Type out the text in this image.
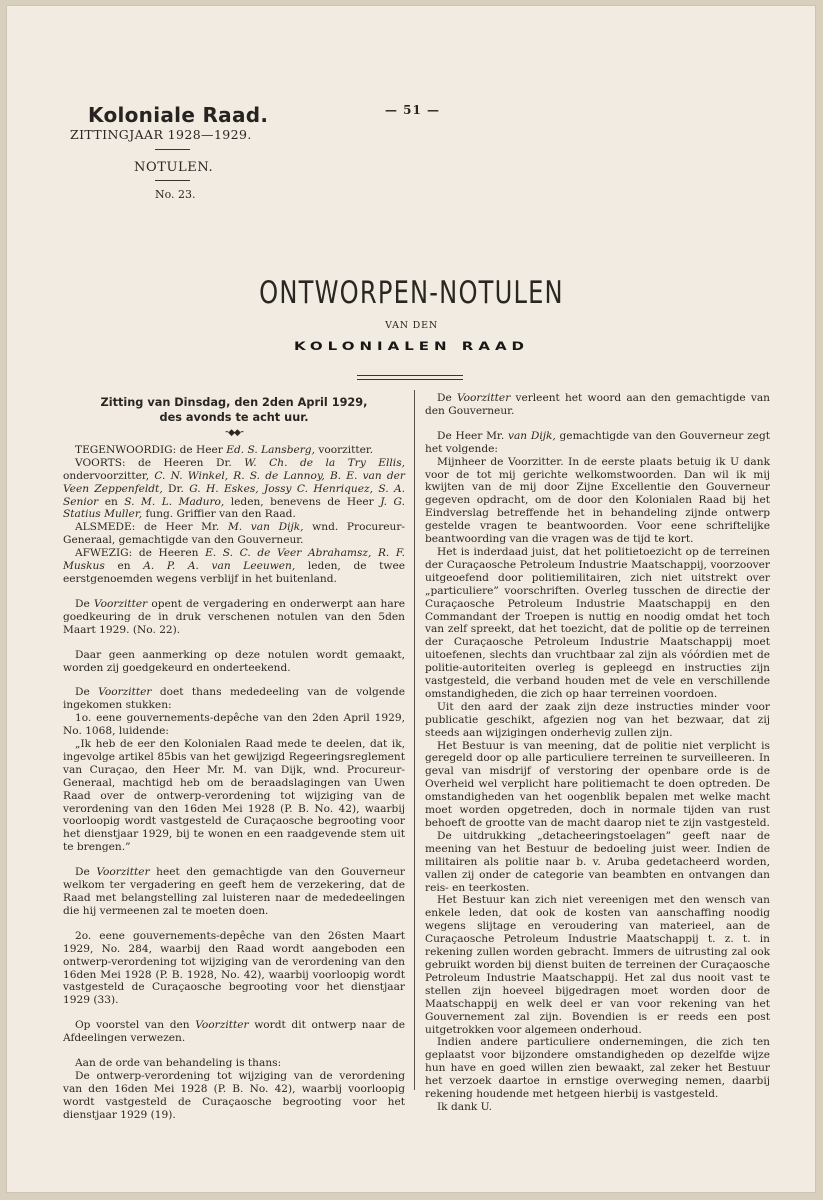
Koloniale Raad.
ZITTINGJAAR 1928—1929.
NOTULEN.
No. 23.
— 51 —
ONTWORPEN-NOTULEN
VAN DEN
KOLONIALEN RAAD
Zitting van Dinsdag, den 2den April 1929,
des avonds te acht uur.
⁃◆◆⁃

TEGENWOORDIG: de Heer Ed. S. Lansberg, voorzitter.

VOORTS: de Heeren Dr. W. Ch. de la Try Ellis, ondervoorzitter, C. N. Winkel, R. S. de Lannoy, B. E. van der Veen Zeppenfeldt, Dr. G. H. Eskes, Jossy C. Henriquez, S. A. Senior en S. M. L. Maduro, leden, benevens de Heer J. G. Statius Muller, fung. Griffier van den Raad.

ALSMEDE: de Heer Mr. M. van Dijk, wnd. Procureur-Generaal, gemachtigde van den Gouverneur.

AFWEZIG: de Heeren E. S. C. de Veer Abrahamsz, R. F. Muskus en A. P. A. van Leeuwen, leden, de twee eerstgenoemden wegens verblijf in het buitenland.

De Voorzitter opent de vergadering en onderwerpt aan hare goedkeuring de in druk verschenen notulen van den 5den Maart 1929. (No. 22).

Daar geen aanmerking op deze notulen wordt gemaakt, worden zij goedgekeurd en onderteekend.

De Voorzitter doet thans mededeeling van de volgende ingekomen stukken:

1o. eene gouvernements-depêche van den 2den April 1929, No. 1068, luidende:

„Ik heb de eer den Kolonialen Raad mede te deelen, dat ik, ingevolge artikel 85bis van het gewijzigd Regeeringsreglement van Curaçao, den Heer Mr. M. van Dijk, wnd. Procureur-Generaal, machtigd heb om de beraadslagingen van Uwen Raad over de ontwerp-verordening tot wijziging van de verordening van den 16den Mei 1928 (P. B. No. 42), waarbij voorloopig wordt vastgesteld de Curaçaosche begrooting voor het dienstjaar 1929, bij te wonen en een raadgevende stem uit te brengen.”

De Voorzitter heet den gemachtigde van den Gouverneur welkom ter vergadering en geeft hem de verzekering, dat de Raad met belangstelling zal luisteren naar de mededeelingen die hij vermeenen zal te moeten doen.

2o. eene gouvernements-depêche van den 26sten Maart 1929, No. 284, waarbij den Raad wordt aangeboden een ontwerp-verordening tot wijziging van de verordening van den 16den Mei 1928 (P. B. 1928, No. 42), waarbij voorloopig wordt vastgesteld de Curaçaosche begrooting voor het dienstjaar 1929 (33).

Op voorstel van den Voorzitter wordt dit ontwerp naar de Afdeelingen verwezen.

Aan de orde van behandeling is thans:

De ontwerp-verordening tot wijziging van de verordening van den 16den Mei 1928 (P. B. No. 42), waarbij voorloopig wordt vastgesteld de Curaçaosche begrooting voor het dienstjaar 1929 (19).

De Voorzitter verleent het woord aan den gemachtigde van den Gouverneur.

De Heer Mr. van Dijk, gemachtigde van den Gouverneur zegt het volgende:

Mijnheer de Voorzitter. In de eerste plaats betuig ik U dank voor de tot mij gerichte welkomstwoorden. Dan wil ik mij kwijten van de mij door Zijne Excellentie den Gouverneur gegeven opdracht, om de door den Kolonialen Raad bij het Eindverslag betreffende het in behandeling zijnde ontwerp gestelde vragen te beantwoorden. Voor eene schriftelijke beantwoording van die vragen was de tijd te kort.

Het is inderdaad juist, dat het politietoezicht op de terreinen der Curaçaosche Petroleum Industrie Maatschappij, voorzoover uitgeoefend door politiemilitairen, zich niet uitstrekt over „particuliere” voorschriften. Overleg tusschen de directie der Curaçaosche Petroleum Industrie Maatschappij en den Commandant der Troepen is nuttig en noodig omdat het toch van zelf spreekt, dat het toezicht, dat de politie op de terreinen der Curaçaosche Petroleum Industrie Maatschappij moet uitoefenen, slechts dan vruchtbaar zal zijn als vóórdien met de politie-autoriteiten overleg is gepleegd en instructies zijn vastgesteld, die verband houden met de vele en verschillende omstandigheden, die zich op haar terreinen voordoen.

Uit den aard der zaak zijn deze instructies minder voor publicatie geschikt, afgezien nog van het bezwaar, dat zij steeds aan wijzigingen onderhevig zullen zijn.

Het Bestuur is van meening, dat de politie niet verplicht is geregeld door op alle particuliere terreinen te surveilleeren. In geval van misdrijf of verstoring der openbare orde is de Overheid wel verplicht hare politiemacht te doen optreden. De omstandigheden van het oogenblik bepalen met welke macht moet worden opgetreden, doch in normale tijden van rust behoeft de grootte van de macht daarop niet te zijn vastgesteld.

De uitdrukking „detacheeringstoelagen” geeft naar de meening van het Bestuur de bedoeling juist weer. Indien de militairen als politie naar b. v. Aruba gedetacheerd worden, vallen zij onder de categorie van beambten en ontvangen dan reis- en teerkosten.

Het Bestuur kan zich niet vereenigen met den wensch van enkele leden, dat ook de kosten van aanschaffing noodig wegens slijtage en veroudering van materieel, aan de Curaçaosche Petroleum Industrie Maatschappij t. z. t. in rekening zullen worden gebracht. Immers de uitrusting zal ook gebruikt worden bij dienst buiten de terreinen der Curaçaosche Petroleum Industrie Maatschappij. Het zal dus nooit vast te stellen zijn hoeveel bijgedragen moet worden door de Maatschappij en welk deel er van voor rekening van het Gouvernement zal zijn. Bovendien is er reeds een post uitgetrokken voor algemeen onderhoud.

Indien andere particuliere ondernemingen, die zich ten geplaatst voor bijzondere omstandigheden op dezelfde wijze hun have en goed willen zien bewaakt, zal zeker het Bestuur het verzoek daartoe in ernstige overweging nemen, daarbij rekening houdende met hetgeen hierbij is vastgesteld.

Ik dank U.
